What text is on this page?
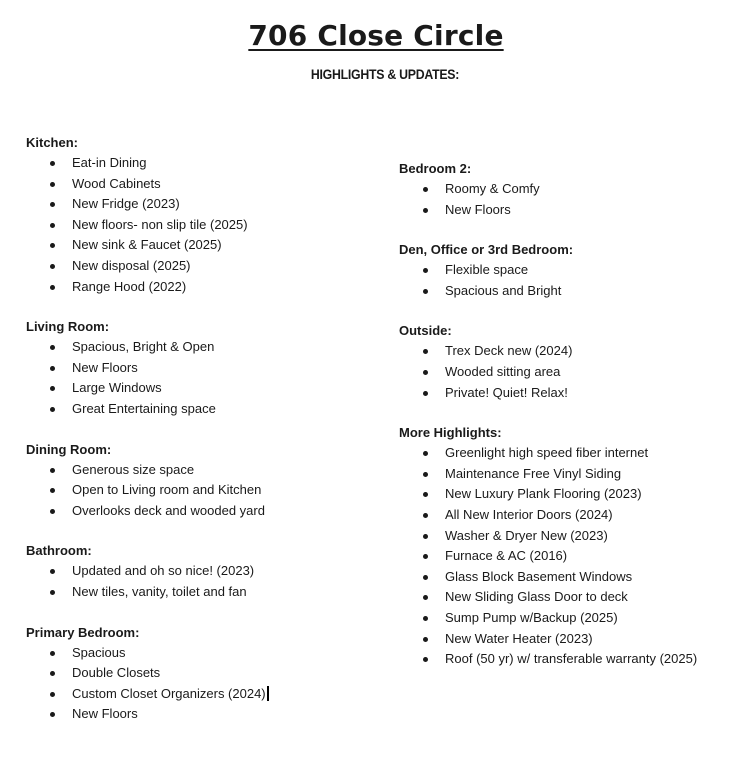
706 Close Circle
HIGHLIGHTS & UPDATES:
Kitchen:
Eat-in Dining
Wood Cabinets
New Fridge (2023)
New floors- non slip tile (2025)
New sink & Faucet (2025)
New disposal (2025)
Range Hood (2022)
Living Room:
Spacious, Bright & Open
New Floors
Large Windows
Great Entertaining space
Dining Room:
Generous size space
Open to Living room and Kitchen
Overlooks deck and wooded yard
Bathroom:
Updated and oh so nice! (2023)
New tiles, vanity, toilet and fan
Primary Bedroom:
Spacious
Double Closets
Custom Closet Organizers (2024)
New Floors
Bedroom 2:
Roomy & Comfy
New Floors
Den, Office or 3rd Bedroom:
Flexible space
Spacious and Bright
Outside:
Trex Deck new (2024)
Wooded sitting area
Private! Quiet! Relax!
More Highlights:
Greenlight high speed fiber internet
Maintenance Free Vinyl Siding
New Luxury Plank Flooring (2023)
All New Interior Doors (2024)
Washer & Dryer New (2023)
Furnace & AC (2016)
Glass Block Basement Windows
New Sliding Glass Door to deck
Sump Pump w/Backup (2025)
New Water Heater (2023)
Roof (50 yr) w/ transferable warranty (2025)
